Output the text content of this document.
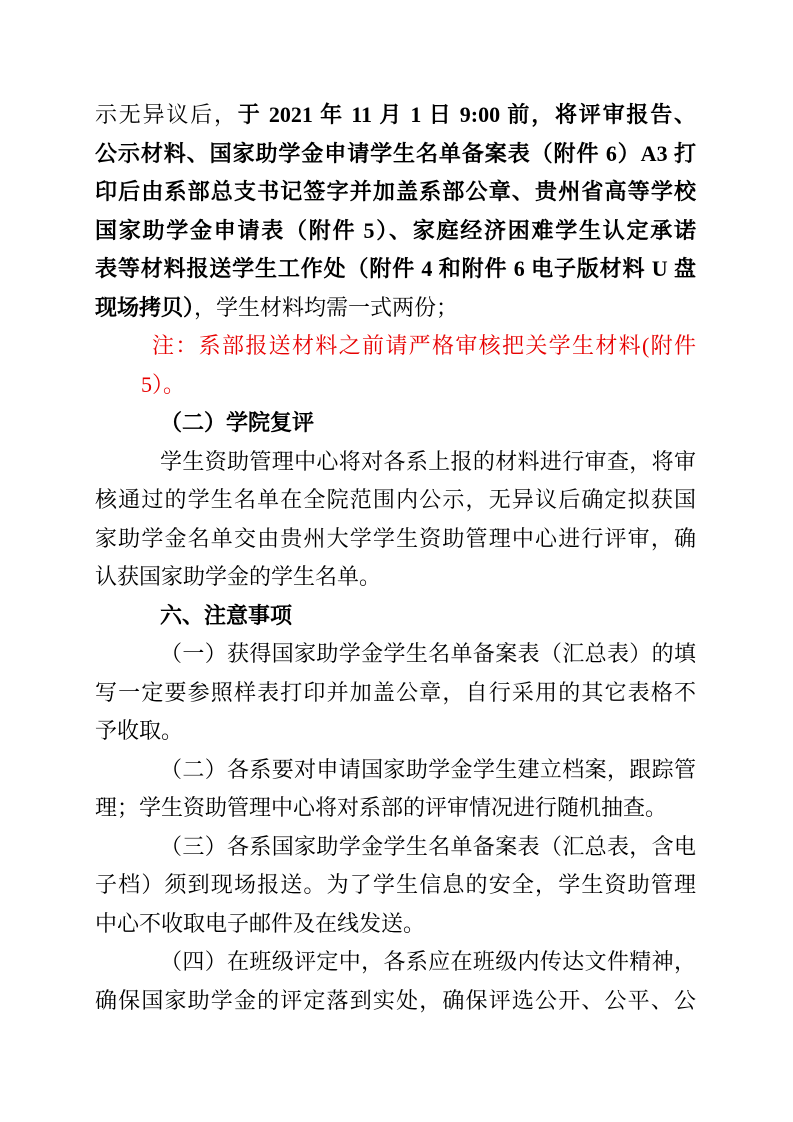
示无异议后，于 2021 年 11 月 1 日 9:00 前，将评审报告、
公示材料、国家助学金申请学生名单备案表（附件 6）A3 打
印后由系部总支书记签字并加盖系部公章、贵州省高等学校
国家助学金申请表（附件 5）、家庭经济困难学生认定承诺
表等材料报送学生工作处（附件 4 和附件 6 电子版材料 U 盘
现场拷贝），学生材料均需一式两份；
注：系部报送材料之前请严格审核把关学生材料(附件
5）。
（二）学院复评
学生资助管理中心将对各系上报的材料进行审查，将审
核通过的学生名单在全院范围内公示，无异议后确定拟获国
家助学金名单交由贵州大学学生资助管理中心进行评审，确
认获国家助学金的学生名单。
六、注意事项
（一）获得国家助学金学生名单备案表（汇总表）的填
写一定要参照样表打印并加盖公章，自行采用的其它表格不
予收取。
（二）各系要对申请国家助学金学生建立档案，跟踪管
理；学生资助管理中心将对系部的评审情况进行随机抽查。
（三）各系国家助学金学生名单备案表（汇总表，含电
子档）须到现场报送。为了学生信息的安全，学生资助管理
中心不收取电子邮件及在线发送。
（四）在班级评定中，各系应在班级内传达文件精神，
确保国家助学金的评定落到实处，确保评选公开、公平、公
